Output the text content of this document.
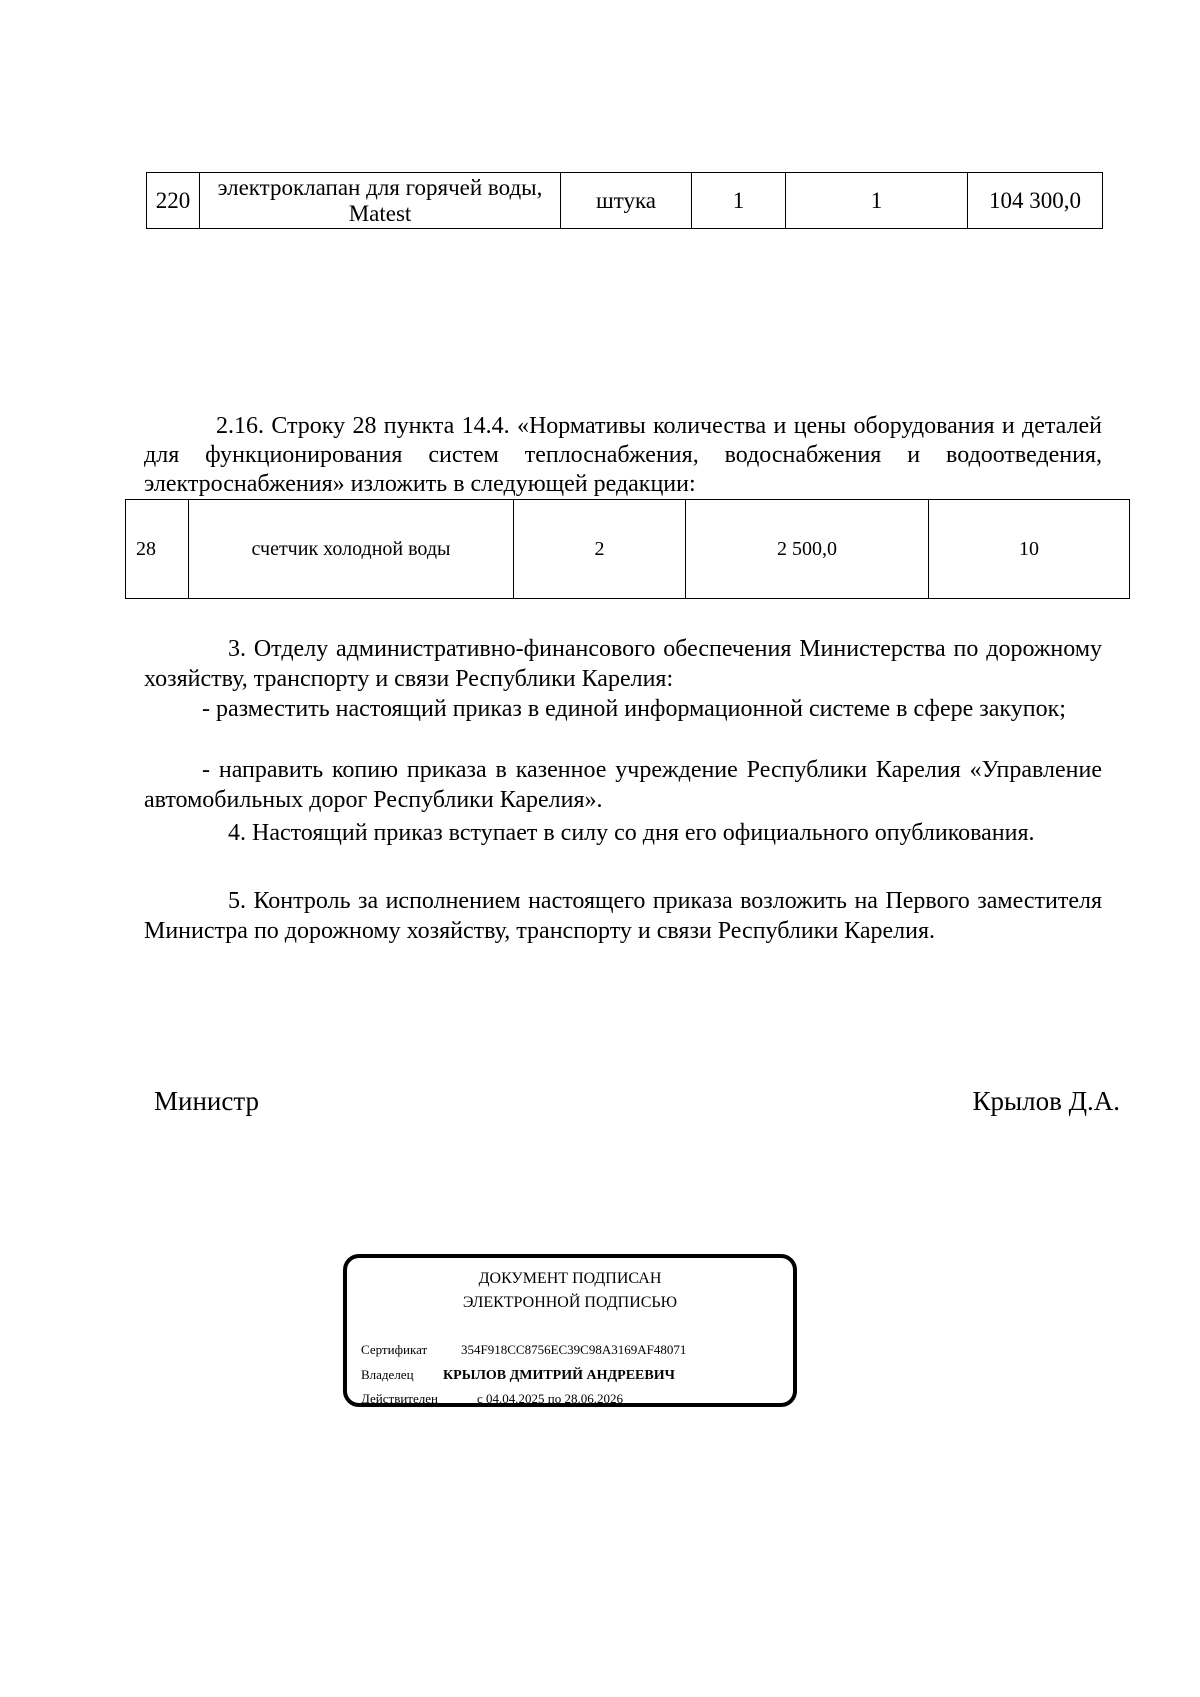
220	электроклапан для горячей воды, Matest	штука	1	1	104 300,0

2.16. Строку 28 пункта 14.4. «Нормативы количества и цены оборудования и деталей для функционирования систем теплоснабжения, водоснабжения и водоотведения, электроснабжения» изложить в следующей редакции:

28	счетчик холодной воды	2	2 500,0	10

3. Отделу административно-финансового обеспечения Министерства по дорожному хозяйству, транспорту и связи Республики Карелия:

- разместить настоящий приказ в единой информационной системе в сфере закупок;

- направить копию приказа в казенное учреждение Республики Карелия «Управление автомобильных дорог Республики Карелия».

4. Настоящий приказ вступает в силу со дня его официального опубликования.

5. Контроль за исполнением настоящего приказа возложить на Первого заместителя Министра по дорожному хозяйству, транспорту и связи Республики Карелия.

Министр	Крылов Д.А.
ДОКУМЕНТ ПОДПИСАН
ЭЛЕКТРОННОЙ ПОДПИСЬЮ
Сертификат	354F918CC8756EC39C98A3169AF48071
Владелец КРЫЛОВ ДМИТРИЙ АНДРЕЕВИЧ
Действителен	с 04.04.2025 по 28.06.2026
